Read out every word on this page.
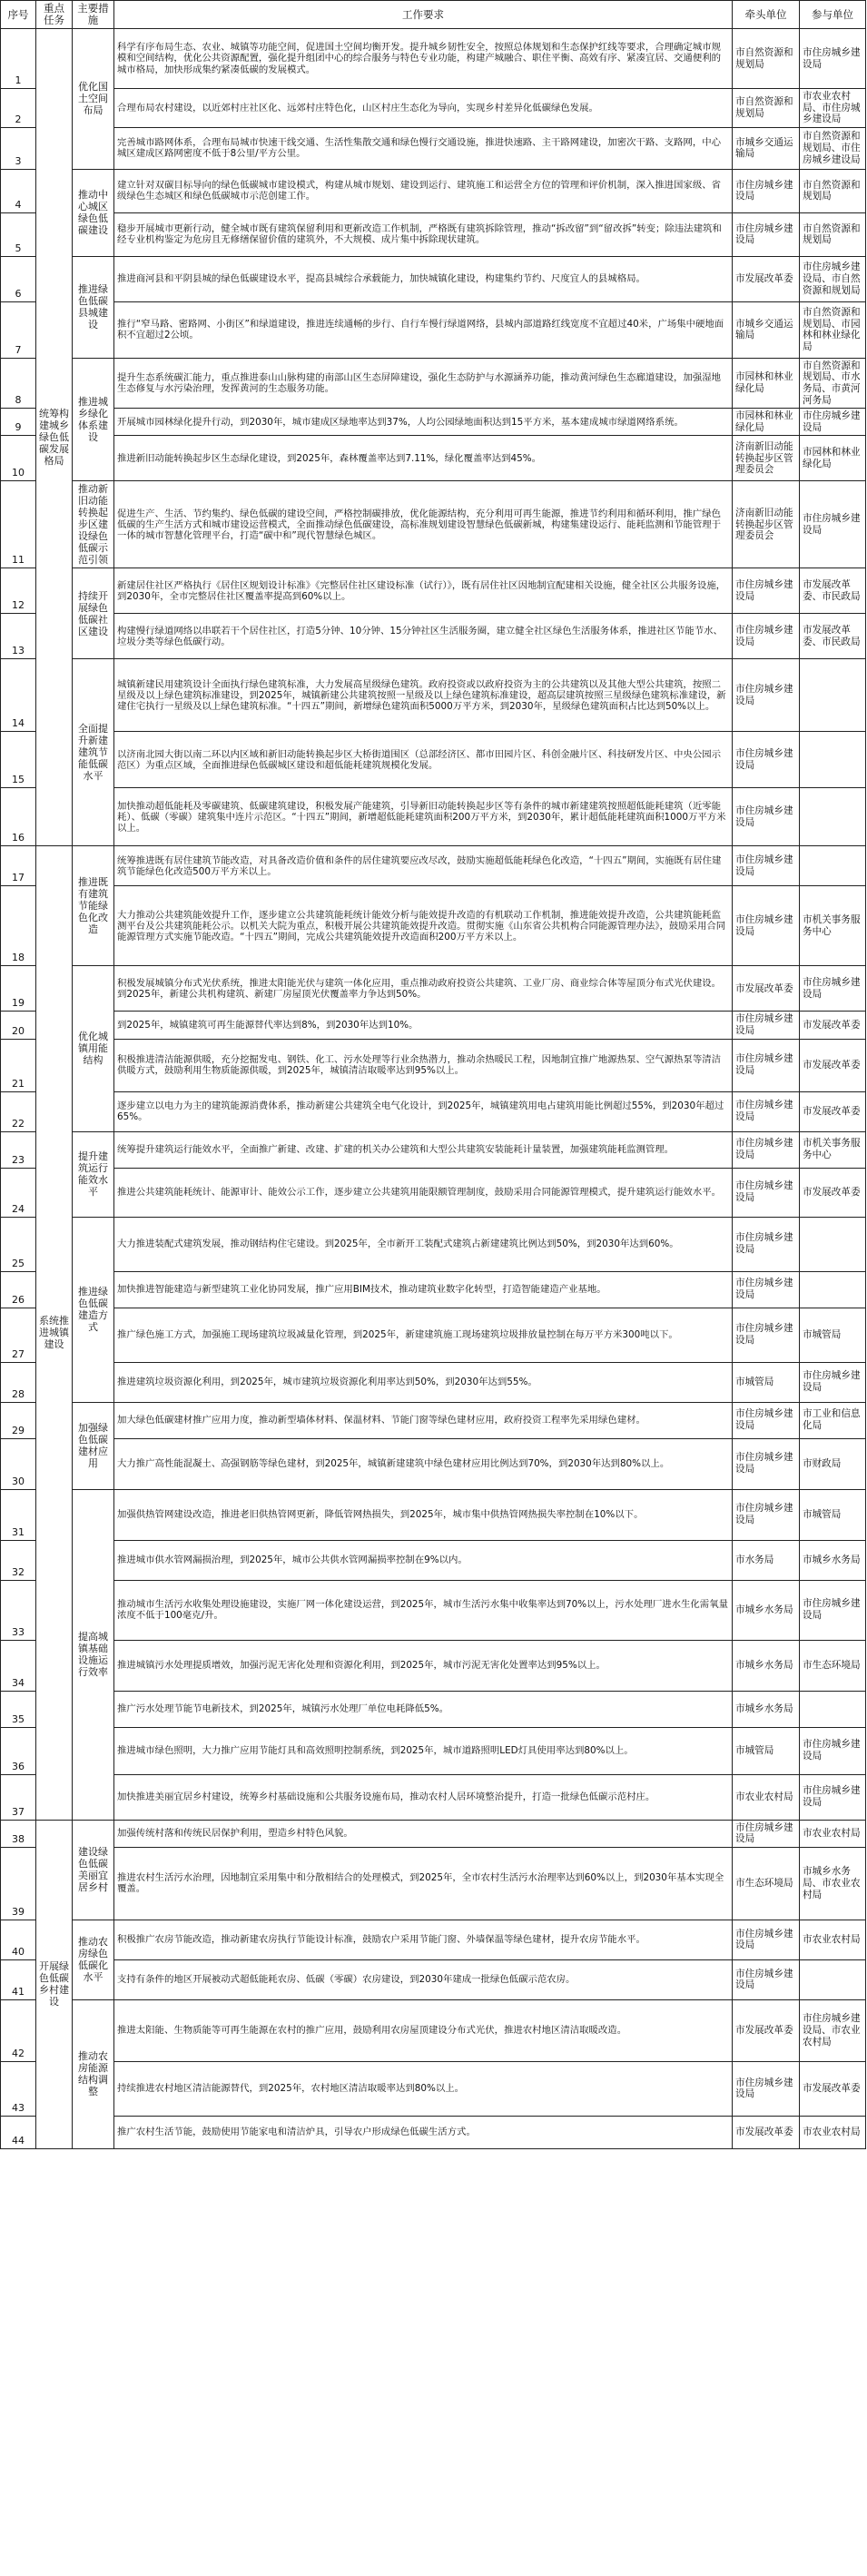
序号	重点任务	主要措施	工作要求	牵头单位	参与单位
1	统筹构建城乡绿色低碳发展格局	优化国土空间布局	科学有序布局生态、农业、城镇等功能空间，促进国土空间均衡开发。提升城乡韧性安全，按照总体规划和生态保护红线等要求，合理确定城市规模和空间结构，优化公共资源配置，强化提升组团中心的综合服务与特色专业功能，构建产城融合、职住平衡、高效有序、紧凑宜居、交通便利的城市格局，加快形成集约紧凑低碳的发展模式。	市自然资源和规划局	市住房城乡建设局
2			合理布局农村建设，以近郊村庄社区化、远郊村庄特色化，山区村庄生态化为导向，实现乡村差异化低碳绿色发展。	市自然资源和规划局	市农业农村局、市住房城乡建设局
3			完善城市路网体系，合理布局城市快速干线交通、生活性集散交通和绿色慢行交通设施，推进快速路、主干路网建设，加密次干路、支路网，中心城区建成区路网密度不低于8公里/平方公里。	市城乡交通运输局	市自然资源和规划局、市住房城乡建设局
4		推动中心城区绿色低碳建设	建立针对双碳目标导向的绿色低碳城市建设模式，构建从城市规划、建设到运行、建筑施工和运营全方位的管理和评价机制，深入推进国家级、省级绿色生态城区和绿色低碳城市示范创建工作。	市住房城乡建设局	市自然资源和规划局
5			稳步开展城市更新行动，健全城市既有建筑保留利用和更新改造工作机制，严格既有建筑拆除管理，推动“拆改留”到“留改拆”转变；除违法建筑和经专业机构鉴定为危房且无修缮保留价值的建筑外，不大规模、成片集中拆除现状建筑。	市住房城乡建设局	市自然资源和规划局
6		推进绿色低碳县城建设	推进商河县和平阴县城的绿色低碳建设水平，提高县城综合承载能力，加快城镇化建设，构建集约节约、尺度宜人的县城格局。	市发展改革委	市住房城乡建设局、市自然资源和规划局
7			推行“窄马路、密路网、小街区”和绿道建设，推进连续通畅的步行、自行车慢行绿道网络，县城内部道路红线宽度不宜超过40米，广场集中硬地面积不宜超过2公顷。	市城乡交通运输局	市自然资源和规划局、市园林和林业绿化局
8		推进城乡绿化体系建设	提升生态系统碳汇能力，重点推进泰山山脉构建的南部山区生态屏障建设，强化生态防护与水源涵养功能，推动黄河绿色生态廊道建设，加强湿地生态修复与水污染治理，发挥黄河的生态服务功能。	市园林和林业绿化局	市自然资源和规划局、市水务局、市黄河河务局
9			开展城市园林绿化提升行动，到2030年，城市建成区绿地率达到37%，人均公园绿地面积达到15平方米，基本建成城市绿道网络系统。	市园林和林业绿化局	市住房城乡建设局
10			推进新旧动能转换起步区生态绿化建设，到2025年，森林覆盖率达到7.11%，绿化覆盖率达到45%。	济南新旧动能转换起步区管理委员会	市园林和林业绿化局
11		推动新旧动能转换起步区建设绿色低碳示范引领	促进生产、生活、节约集约、绿色低碳的建设空间，严格控制碳排放，优化能源结构，充分利用可再生能源，推进节约利用和循环利用，推广绿色低碳的生产生活方式和城市建设运营模式，全面推动绿色低碳建设，高标准规划建设智慧绿色低碳新城，构建集建设运行、能耗监测和节能管理于一体的城市智慧化管理平台，打造“碳中和”现代智慧绿色城区。	济南新旧动能转换起步区管理委员会	市住房城乡建设局
12		持续开展绿色低碳社区建设	新建居住社区严格执行《居住区规划设计标准》《完整居住社区建设标准（试行）》，既有居住社区因地制宜配建相关设施，健全社区公共服务设施，到2030年，全市完整居住社区覆盖率提高到60%以上。	市住房城乡建设局	市发展改革委、市民政局
13			构建慢行绿道网络以串联若干个居住社区，打造5分钟、10分钟、15分钟社区生活服务圈，建立健全社区绿色生活服务体系，推进社区节能节水、垃圾分类等绿色低碳行动。	市住房城乡建设局	市发展改革委、市民政局
14		全面提升新建建筑节能低碳水平	城镇新建民用建筑设计全面执行绿色建筑标准，大力发展高星级绿色建筑。政府投资或以政府投资为主的公共建筑以及其他大型公共建筑，按照二星级及以上绿色建筑标准建设，到2025年，城镇新建公共建筑按照一星级及以上绿色建筑标准建设，超高层建筑按照三星级绿色建筑标准建设，新建住宅执行一星级及以上绿色建筑标准。“十四五”期间，新增绿色建筑面积5000万平方米，到2030年，星级绿色建筑面积占比达到50%以上。	市住房城乡建设局	
15			以济南北园大街以南二环以内区域和新旧动能转换起步区大桥街道围区（总部经济区、都市田园片区、科创金融片区、科技研发片区、中央公园示范区）为重点区域，全面推进绿色低碳城区建设和超低能耗建筑规模化发展。	市住房城乡建设局	
16			加快推动超低能耗及零碳建筑、低碳建筑建设，积极发展产能建筑，引导新旧动能转换起步区等有条件的城市新建建筑按照超低能耗建筑（近零能耗）、低碳（零碳）建筑集中连片示范区。“十四五”期间，新增超低能耗建筑面积200万平方米，到2030年，累计超低能耗建筑面积1000万平方米以上。	市住房城乡建设局	
17	系统推进城镇建设	推进既有建筑节能绿色化改造	统筹推进既有居住建筑节能改造，对具备改造价值和条件的居住建筑要应改尽改，鼓励实施超低能耗绿色化改造，“十四五”期间，实施既有居住建筑节能绿色化改造500万平方米以上。	市住房城乡建设局	
18			大力推动公共建筑能效提升工作，逐步建立公共建筑能耗统计能效分析与能效提升改造的有机联动工作机制，推进能效提升改造，公共建筑能耗监测平台及公共建筑能耗公示。以机关大院为重点，积极开展公共建筑能效提升改造。贯彻实施《山东省公共机构合同能源管理办法》，鼓励采用合同能源管理方式实施节能改造。“十四五”期间，完成公共建筑能效提升改造面积200万平方米以上。	市住房城乡建设局	市机关事务服务中心
19		优化城镇用能结构	积极发展城镇分布式光伏系统，推进太阳能光伏与建筑一体化应用，重点推动政府投资公共建筑、工业厂房、商业综合体等屋顶分布式光伏建设。到2025年，新建公共机构建筑、新建厂房屋顶光伏覆盖率力争达到50%。	市发展改革委	市住房城乡建设局
20			到2025年，城镇建筑可再生能源替代率达到8%，到2030年达到10%。	市住房城乡建设局	市发展改革委
21			积极推进清洁能源供暖，充分挖掘发电、钢铁、化工、污水处理等行业余热潜力，推动余热暖民工程，因地制宜推广地源热泵、空气源热泵等清洁供暖方式，鼓励利用生物质能源供暖，到2025年，城镇清洁取暖率达到95%以上。	市住房城乡建设局	市发展改革委
22			逐步建立以电力为主的建筑能源消费体系，推动新建公共建筑全电气化设计，到2025年，城镇建筑用电占建筑用能比例超过55%，到2030年超过65%。	市住房城乡建设局	市发展改革委
23		提升建筑运行能效水平	统筹提升建筑运行能效水平，全面推广新建、改建、扩建的机关办公建筑和大型公共建筑安装能耗计量装置，加强建筑能耗监测管理。	市住房城乡建设局	市机关事务服务中心
24			推进公共建筑能耗统计、能源审计、能效公示工作，逐步建立公共建筑用能限额管理制度，鼓励采用合同能源管理模式，提升建筑运行能效水平。	市住房城乡建设局	市发展改革委
25		推进绿色低碳建造方式	大力推进装配式建筑发展，推动钢结构住宅建设。到2025年，全市新开工装配式建筑占新建建筑比例达到50%，到2030年达到60%。	市住房城乡建设局	
26			加快推进智能建造与新型建筑工业化协同发展，推广应用BIM技术，推动建筑业数字化转型，打造智能建造产业基地。	市住房城乡建设局	
27			推广绿色施工方式，加强施工现场建筑垃圾减量化管理，到2025年，新建建筑施工现场建筑垃圾排放量控制在每万平方米300吨以下。	市住房城乡建设局	市城管局
28			推进建筑垃圾资源化利用，到2025年，城市建筑垃圾资源化利用率达到50%，到2030年达到55%。	市城管局	市住房城乡建设局
29		加强绿色低碳建材应用	加大绿色低碳建材推广应用力度，推动新型墙体材料、保温材料、节能门窗等绿色建材应用，政府投资工程率先采用绿色建材。	市住房城乡建设局	市工业和信息化局
30			大力推广高性能混凝土、高强钢筋等绿色建材，到2025年，城镇新建建筑中绿色建材应用比例达到70%，到2030年达到80%以上。	市住房城乡建设局	市财政局
31		提高城镇基础设施运行效率	加强供热管网建设改造，推进老旧供热管网更新，降低管网热损失，到2025年，城市集中供热管网热损失率控制在10%以下。	市住房城乡建设局	市城管局
32			推进城市供水管网漏损治理，到2025年，城市公共供水管网漏损率控制在9%以内。	市水务局	市城乡水务局
33			推动城市生活污水收集处理设施建设，实施厂网一体化建设运营，到2025年，城市生活污水集中收集率达到70%以上，污水处理厂进水生化需氧量浓度不低于100毫克/升。	市城乡水务局	市住房城乡建设局
34			推进城镇污水处理提质增效，加强污泥无害化处理和资源化利用，到2025年，城市污泥无害化处置率达到95%以上。	市城乡水务局	市生态环境局
35			推广污水处理节能节电新技术，到2025年，城镇污水处理厂单位电耗降低5%。	市城乡水务局	
36			推进城市绿色照明，大力推广应用节能灯具和高效照明控制系统，到2025年，城市道路照明LED灯具使用率达到80%以上。	市城管局	市住房城乡建设局
37			加快推进美丽宜居乡村建设，统筹乡村基础设施和公共服务设施布局，推动农村人居环境整治提升，打造一批绿色低碳示范村庄。	市农业农村局	市住房城乡建设局
38	开展绿色低碳乡村建设	建设绿色低碳美丽宜居乡村	加强传统村落和传统民居保护利用，塑造乡村特色风貌。	市住房城乡建设局	市农业农村局
39			推进农村生活污水治理，因地制宜采用集中和分散相结合的处理模式，到2025年，全市农村生活污水治理率达到60%以上，到2030年基本实现全覆盖。	市生态环境局	市城乡水务局、市农业农村局
40		推动农房绿色低碳化水平	积极推广农房节能改造，推动新建农房执行节能设计标准，鼓励农户采用节能门窗、外墙保温等绿色建材，提升农房节能水平。	市住房城乡建设局	市农业农村局
41			支持有条件的地区开展被动式超低能耗农房、低碳（零碳）农房建设，到2030年建成一批绿色低碳示范农房。	市住房城乡建设局	
42		推动农房能源结构调整	推进太阳能、生物质能等可再生能源在农村的推广应用，鼓励利用农房屋顶建设分布式光伏，推进农村地区清洁取暖改造。	市发展改革委	市住房城乡建设局、市农业农村局
43			持续推进农村地区清洁能源替代，到2025年，农村地区清洁取暖率达到80%以上。	市住房城乡建设局	市发展改革委
44			推广农村生活节能，鼓励使用节能家电和清洁炉具，引导农户形成绿色低碳生活方式。	市发展改革委	市农业农村局
